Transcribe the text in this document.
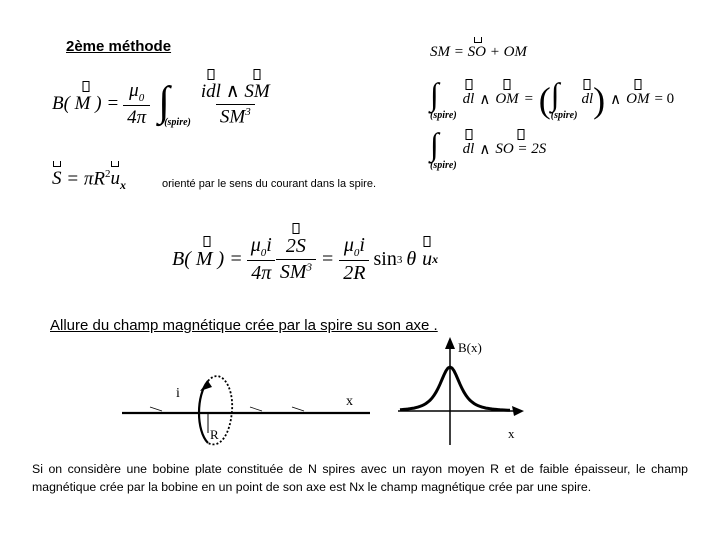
2ème méthode
B( M ) = $\frac{\mu_0}{4\pi}$ ∫
(spire) $\frac{\text{idl ∧ SM}}{SM^3}$
$S = \pi R^2u_x$	orienté par le sens du courant dans la spire.
SM = SO + OM
∫
(spire)
dl ∧ OM = ( ∫
(spire)
dl ) ∧ OM = 0
∫
(spire)
dl ∧ SO = 2S
B( M ) = $\frac{\mu_0i}{4\pi} \frac{2S}{SM^3} = \frac{\mu_0i}{2R}$ sin 3 θ u x
Allure du champ magnétique crée par la spire su son axe .
i
x
R
B(x)
x
Si on considère une bobine plate constituée de N spires avec un rayon moyen R et de faible épaisseur, le champ magnétique crée par la bobine en un point de son axe est Nx le champ magnétique crée par une spire.
